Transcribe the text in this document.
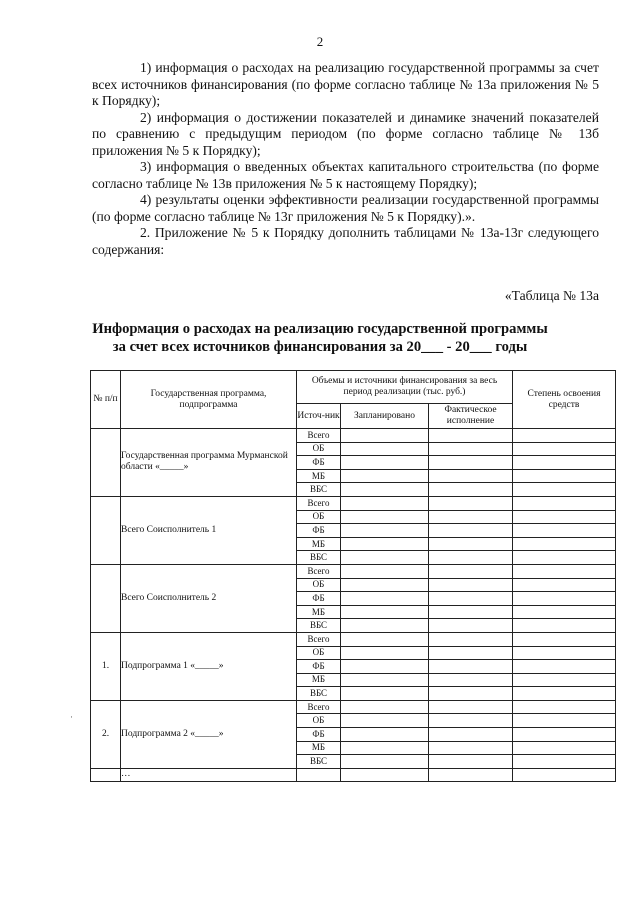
2

1) информация о расходах на реализацию государственной программы за счет всех источников финансирования (по форме согласно таблице № 13а приложения № 5 к Порядку);

2) информация о достижении показателей и динамике значений показателей по сравнению с предыдущим периодом (по форме согласно таблице № 13б приложения № 5 к Порядку);

3) информация о введенных объектах капитального строительства (по форме согласно таблице № 13в приложения № 5 к настоящему Порядку);

4) результаты оценки эффективности реализации государственной программы (по форме согласно таблице № 13г приложения № 5 к Порядку).».

2. Приложение № 5 к Порядку дополнить таблицами № 13а-13г следующего содержания:

«Таблица № 13а
Информация о расходах на реализацию государственной программы
за счет всех источников финансирования за 20___ - 20___ годы
№ п/п	Государственная программа, подпрограмма	Объемы и источники финансирования за весь период реализации (тыс. руб.)			Степень освоения средств
		Источ-ник	Запланировано	Фактическое исполнение	
	Государственная программа Мурманской области «_____»	Всего			
		ОБ			
		ФБ			
		МБ			
		ВБС			
	Всего Соисполнитель 1	Всего			
		ОБ			
		ФБ			
		МБ			
		ВБС			
	Всего Соисполнитель 2	Всего			
		ОБ			
		ФБ			
		МБ			
		ВБС			
1.	Подпрограмма 1 «_____»	Всего			
		ОБ			
		ФБ			
		МБ			
		ВБС			
2.	Подпрограмма 2 «_____»	Всего			
		ОБ			
		ФБ			
		МБ			
		ВБС			
	…				
·
